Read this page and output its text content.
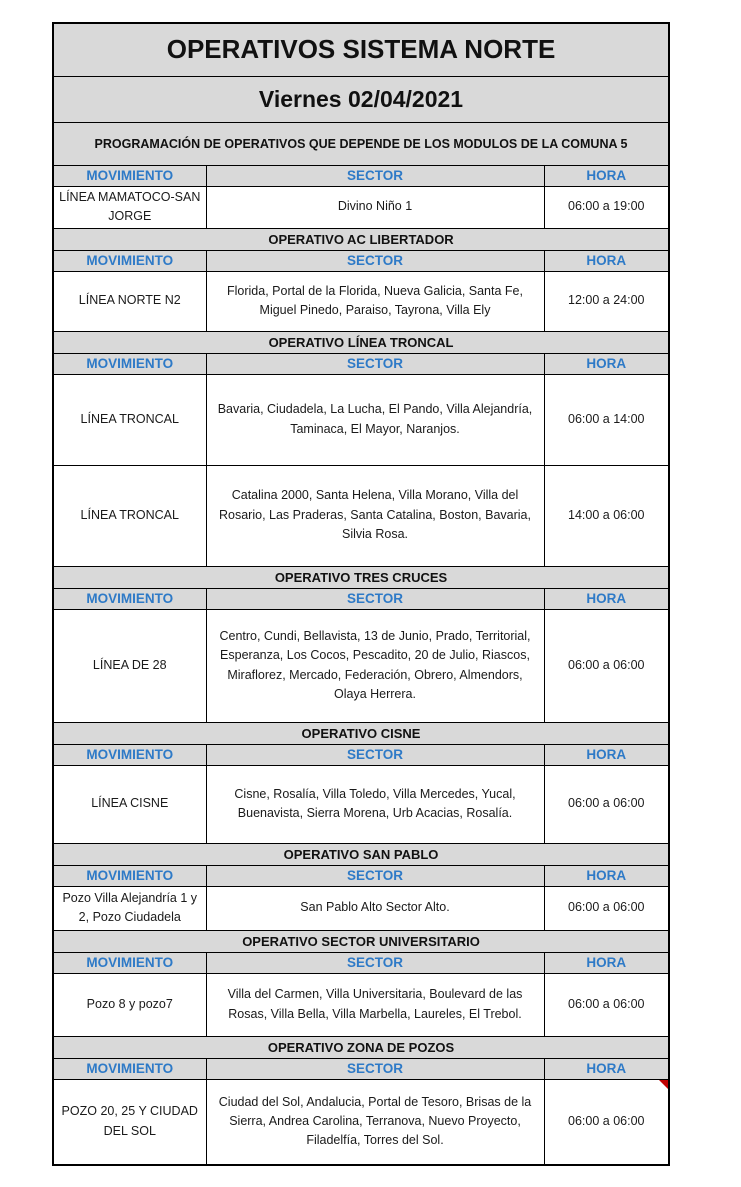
OPERATIVOS SISTEMA NORTE		
Viernes 02/04/2021		
PROGRAMACIÓN DE OPERATIVOS QUE DEPENDE DE LOS MODULOS DE LA COMUNA 5		
MOVIMIENTO	SECTOR	HORA
LÍNEA MAMATOCO-SAN JORGE	Divino Niño 1	06:00 a 19:00
OPERATIVO AC LIBERTADOR		
MOVIMIENTO	SECTOR	HORA
LÍNEA NORTE N2	Florida, Portal de la Florida, Nueva Galicia, Santa Fe, Miguel Pinedo, Paraiso, Tayrona, Villa Ely	12:00 a 24:00
OPERATIVO LÍNEA TRONCAL		
MOVIMIENTO	SECTOR	HORA
LÍNEA TRONCAL	Bavaria, Ciudadela, La Lucha, El Pando, Villa Alejandría, Taminaca, El Mayor, Naranjos.	06:00 a 14:00
LÍNEA TRONCAL	Catalina 2000, Santa Helena, Villa Morano, Villa del Rosario, Las Praderas, Santa Catalina, Boston, Bavaria, Silvia Rosa.	14:00 a 06:00
OPERATIVO TRES CRUCES		
MOVIMIENTO	SECTOR	HORA
LÍNEA DE 28	Centro, Cundi, Bellavista, 13 de Junio, Prado, Territorial, Esperanza, Los Cocos, Pescadito, 20 de Julio, Riascos, Miraflorez, Mercado, Federación, Obrero, Almendors, Olaya Herrera.	06:00 a 06:00
OPERATIVO CISNE		
MOVIMIENTO	SECTOR	HORA
LÍNEA CISNE	Cisne, Rosalía, Villa Toledo, Villa Mercedes, Yucal, Buenavista, Sierra Morena, Urb Acacias, Rosalía.	06:00 a 06:00
OPERATIVO SAN PABLO		
MOVIMIENTO	SECTOR	HORA
Pozo Villa Alejandría 1 y 2, Pozo Ciudadela	San Pablo Alto Sector Alto.	06:00 a 06:00
OPERATIVO SECTOR UNIVERSITARIO		
MOVIMIENTO	SECTOR	HORA
Pozo 8 y pozo7	Villa del Carmen, Villa Universitaria, Boulevard de las Rosas, Villa Bella, Villa Marbella, Laureles, El Trebol.	06:00 a 06:00
OPERATIVO ZONA DE POZOS		
MOVIMIENTO	SECTOR	HORA
POZO 20, 25 Y CIUDAD DEL SOL	Ciudad del Sol, Andalucia, Portal de Tesoro, Brisas de la Sierra, Andrea Carolina, Terranova, Nuevo Proyecto, Filadelfía, Torres del Sol.	06:00 a 06:00
